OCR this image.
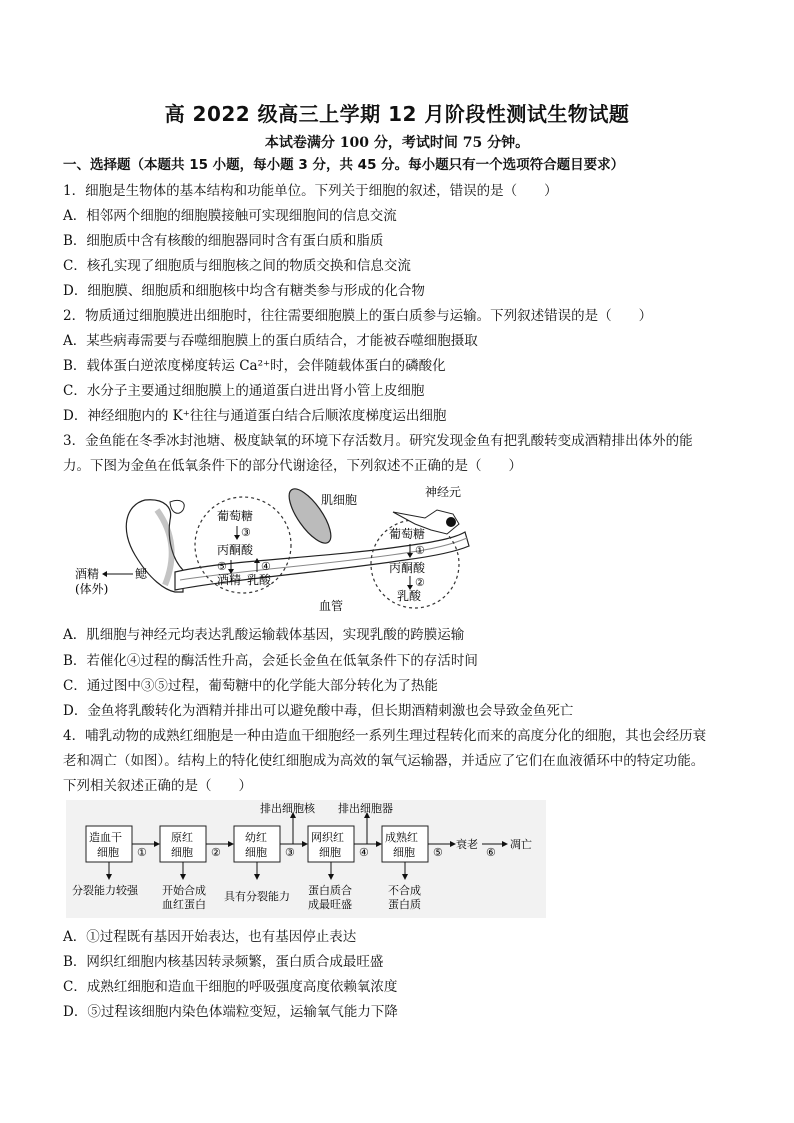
高 2022 级高三上学期 12 月阶段性测试生物试题
本试卷满分 100 分，考试时间 75 分钟。
一、选择题（本题共 15 小题，每小题 3 分，共 45 分。每小题只有一个选项符合题目要求）
1．细胞是生物体的基本结构和功能单位。下列关于细胞的叙述，错误的是（　　）
A．相邻两个细胞的细胞膜接触可实现细胞间的信息交流
B．细胞质中含有核酸的细胞器同时含有蛋白质和脂质
C．核孔实现了细胞质与细胞核之间的物质交换和信息交流
D．细胞膜、细胞质和细胞核中均含有糖类参与形成的化合物
2．物质通过细胞膜进出细胞时，往往需要细胞膜上的蛋白质参与运输。下列叙述错误的是（　　）
A．某些病毒需要与吞噬细胞膜上的蛋白质结合，才能被吞噬细胞摄取
B．载体蛋白逆浓度梯度转运 Ca²⁺时，会伴随载体蛋白的磷酸化
C．水分子主要通过细胞膜上的通道蛋白进出肾小管上皮细胞
D．神经细胞内的 K⁺往往与通道蛋白结合后顺浓度梯度运出细胞
3．金鱼能在冬季冰封池塘、极度缺氧的环境下存活数月。研究发现金鱼有把乳酸转变成酒精排出体外的能
力。下图为金鱼在低氧条件下的部分代谢途径，下列叙述不正确的是（　　）
肌细胞
神经元
葡萄糖
③
丙酮酸
⑤	④
酒精 乳酸
葡萄糖
①
丙酮酸
②
乳酸
酒精
(体外)
鳃
血管
A．肌细胞与神经元均表达乳酸运输载体基因，实现乳酸的跨膜运输
B．若催化④过程的酶活性升高，会延长金鱼在低氧条件下的存活时间
C．通过图中③⑤过程，葡萄糖中的化学能大部分转化为了热能
D．金鱼将乳酸转化为酒精并排出可以避免酸中毒，但长期酒精刺激也会导致金鱼死亡
4．哺乳动物的成熟红细胞是一种由造血干细胞经一系列生理过程转化而来的高度分化的细胞，其也会经历衰
老和凋亡（如图）。结构上的特化使红细胞成为高效的氧气运输器，并适应了它们在血液循环中的特定功能。
下列相关叙述正确的是（　　）
造血干
细胞
原红
细胞
幼红
细胞
网织红
细胞
成熟红
细胞
①	②	③	④	⑤	⑥
衰老	凋亡
排出细胞核 排出细胞器
分裂能力较强 开始合成
血红蛋白
具有分裂能力 蛋白质合
成最旺盛
不合成
蛋白质
A．①过程既有基因开始表达，也有基因停止表达
B．网织红细胞内核基因转录频繁，蛋白质合成最旺盛
C．成熟红细胞和造血干细胞的呼吸强度高度依赖氧浓度
D．⑤过程该细胞内染色体端粒变短，运输氧气能力下降
